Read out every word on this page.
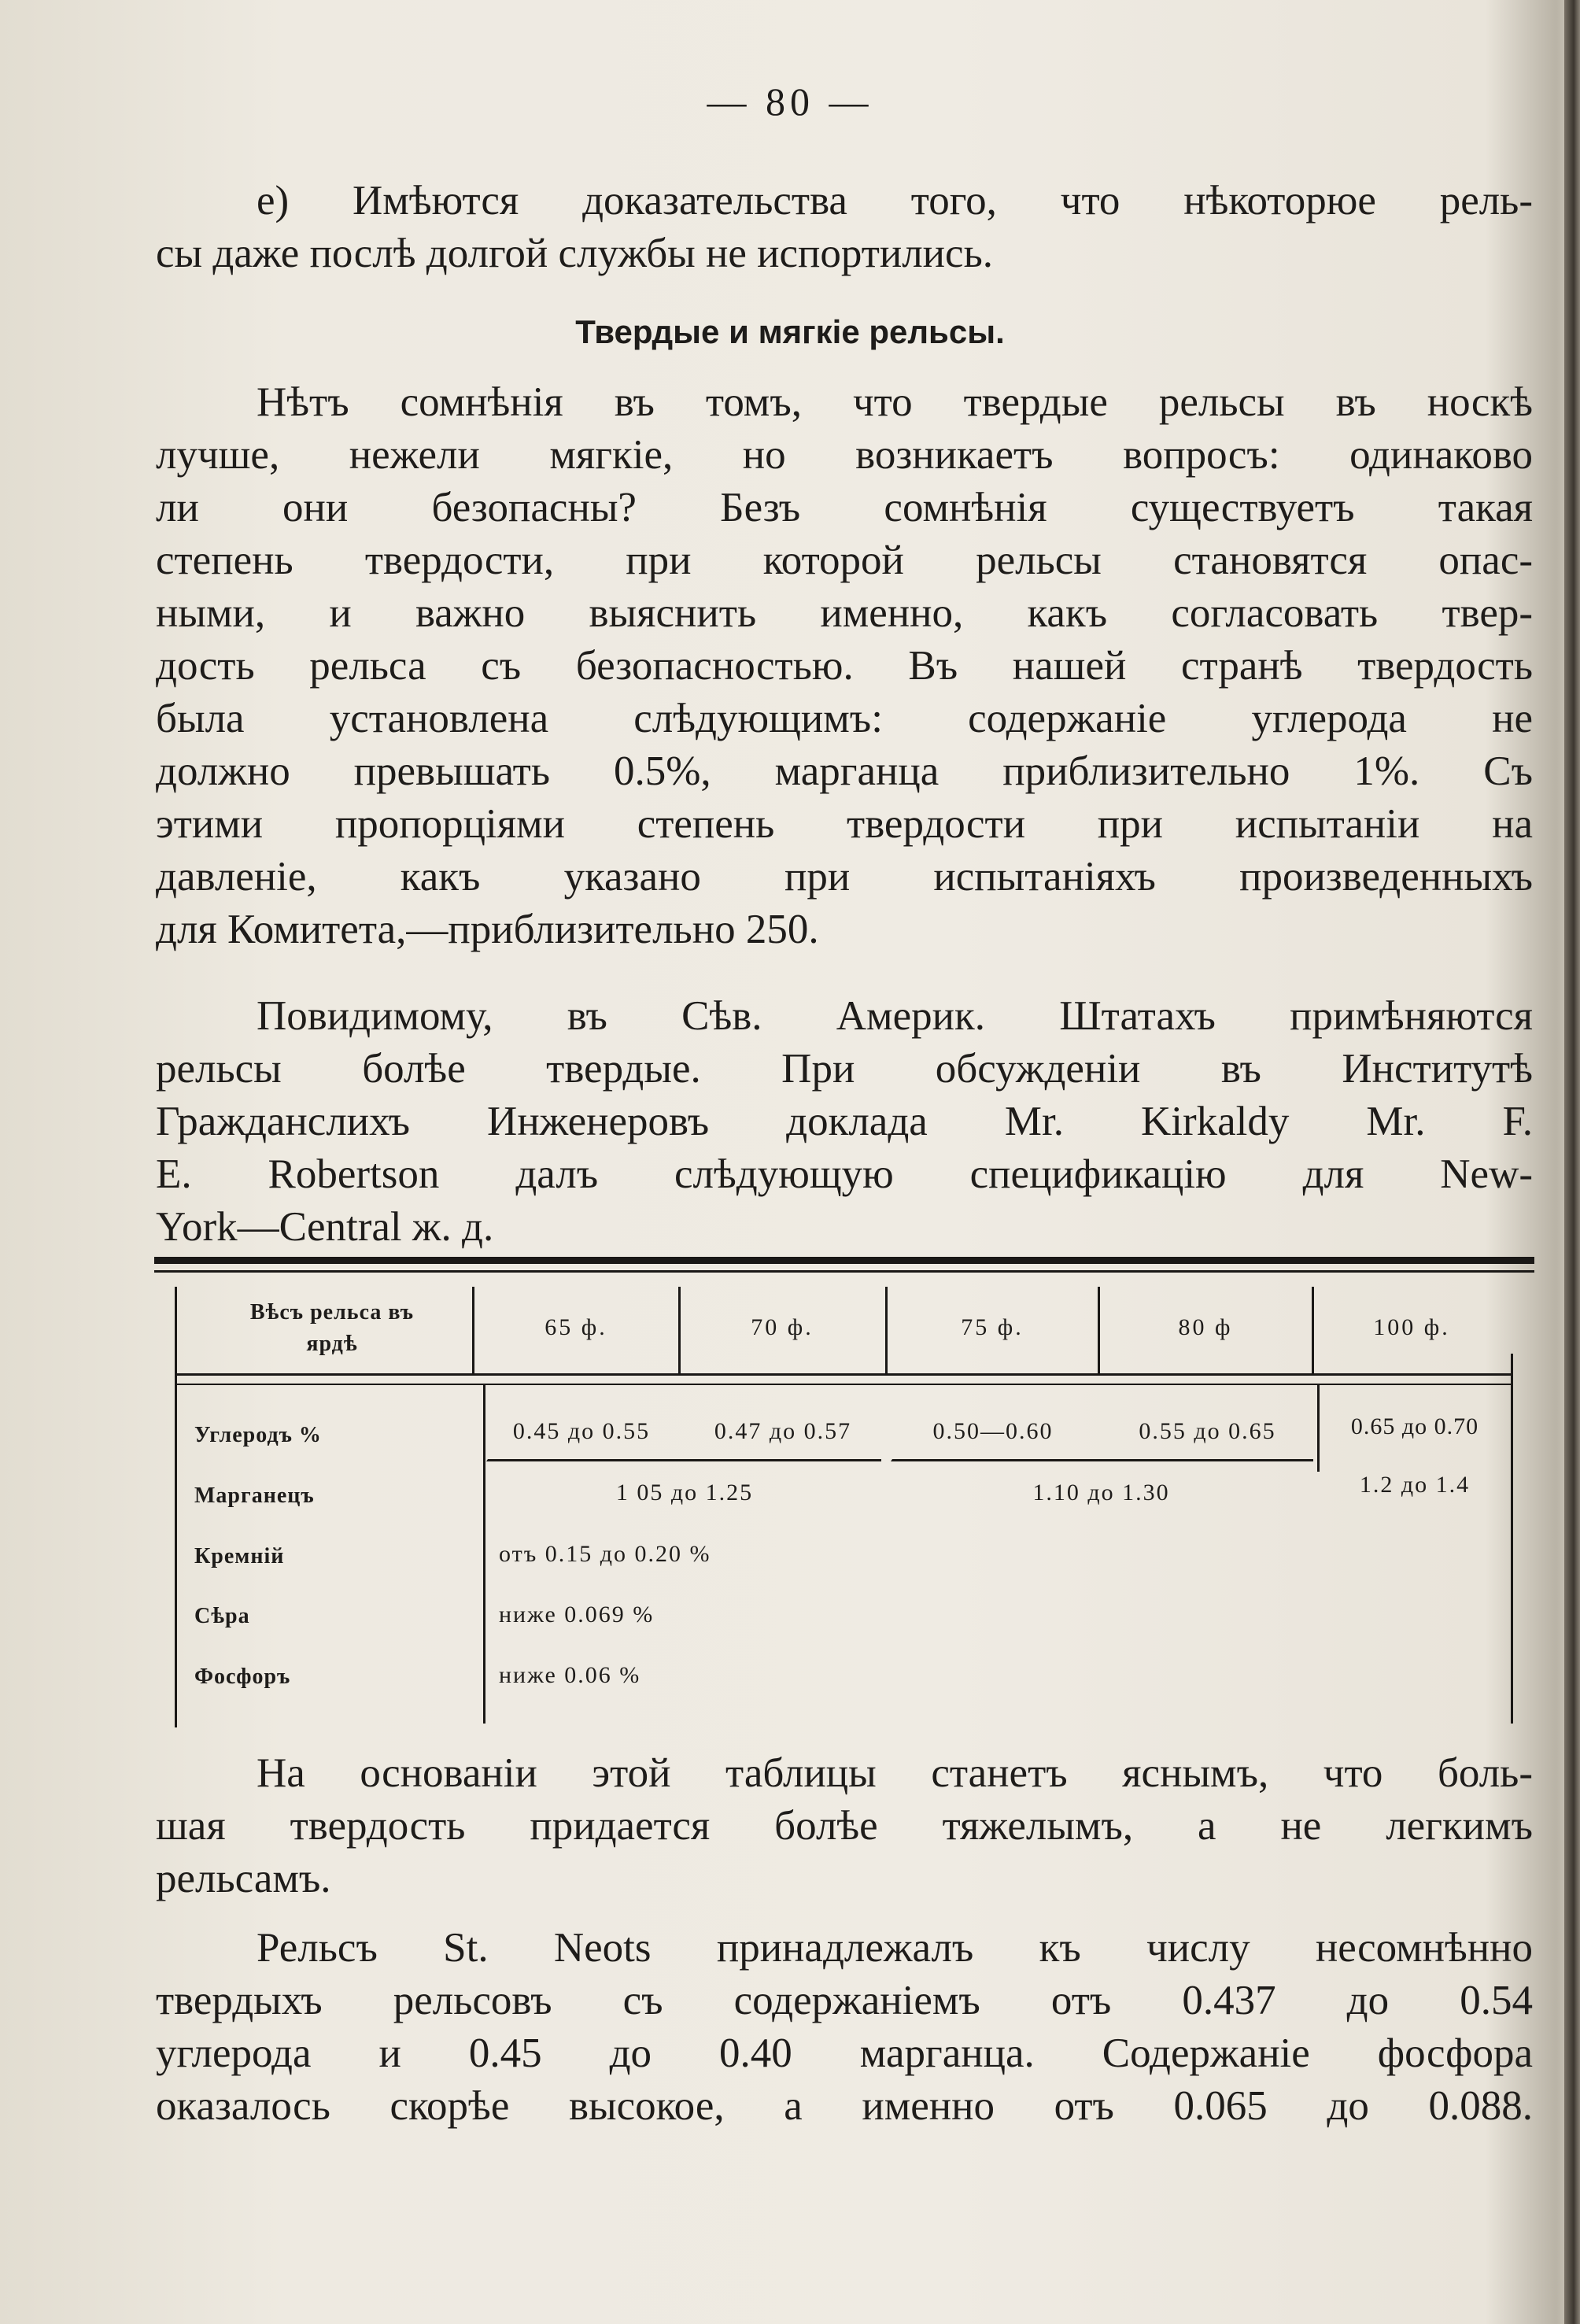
— 80 —
е) Имѣются доказательства того, что нѣкоторюе рель-
сы даже послѣ долгой службы не испортились.
Твердые и мягкіе рельсы.
Нѣтъ сомнѣнія въ томъ, что твердые рельсы въ носкѣ
лучше, нежели мягкіе, но возникаетъ вопросъ: одинаково
ли они безопасны? Безъ сомнѣнія существуетъ такая
степень твердости, при которой рельсы становятся опас-
ными, и важно выяснить именно, какъ согласовать твер-
дость рельса съ безопасностью. Въ нашей странѣ твердость
была установлена слѣдующимъ: содержаніе углерода не
должно превышать 0.5%, марганца приблизительно 1%. Съ
этими пропорціями степень твердости при испытаніи на
давленіе, какъ указано при испытаніяхъ произведенныхъ
для Комитета,—приблизительно 250.
Повидимому, въ Сѣв. Америк. Штатахъ примѣняются
рельсы болѣе твердые. При обсужденіи въ Институтѣ
Гражданслихъ Инженеровъ доклада Mr. Kirkaldy Mr. F.
E. Robertson далъ слѣдующую спецификацію для New-
York—Central ж. д.
Вѣсъ рельса въ
ярдѣ
65 ф.	70 ф.	75 ф.	80 ф	100 ф.
Углеродъ %	0.45 до 0.55	0.47 до 0.57	0.50—0.60	0.55 до 0.65	0.65 до 0.70
Марганецъ	1 05 до 1.25	1.10 до 1.30	1.2 до 1.4
Кремній	отъ 0.15 до 0.20 %
Сѣра	ниже 0.069 %
Фосфоръ	ниже 0.06 %
На основаніи этой таблицы станетъ яснымъ, что боль-
шая твердость придается болѣе тяжелымъ, а не легкимъ
рельсамъ.
Рельсъ St. Neots принадлежалъ къ числу несомнѣнно
твердыхъ рельсовъ съ содержаніемъ отъ 0.437 до 0.54
углерода и 0.45 до 0.40 марганца. Содержаніе фосфора
оказалось скорѣе высокое, а именно отъ 0.065 до 0.088.
